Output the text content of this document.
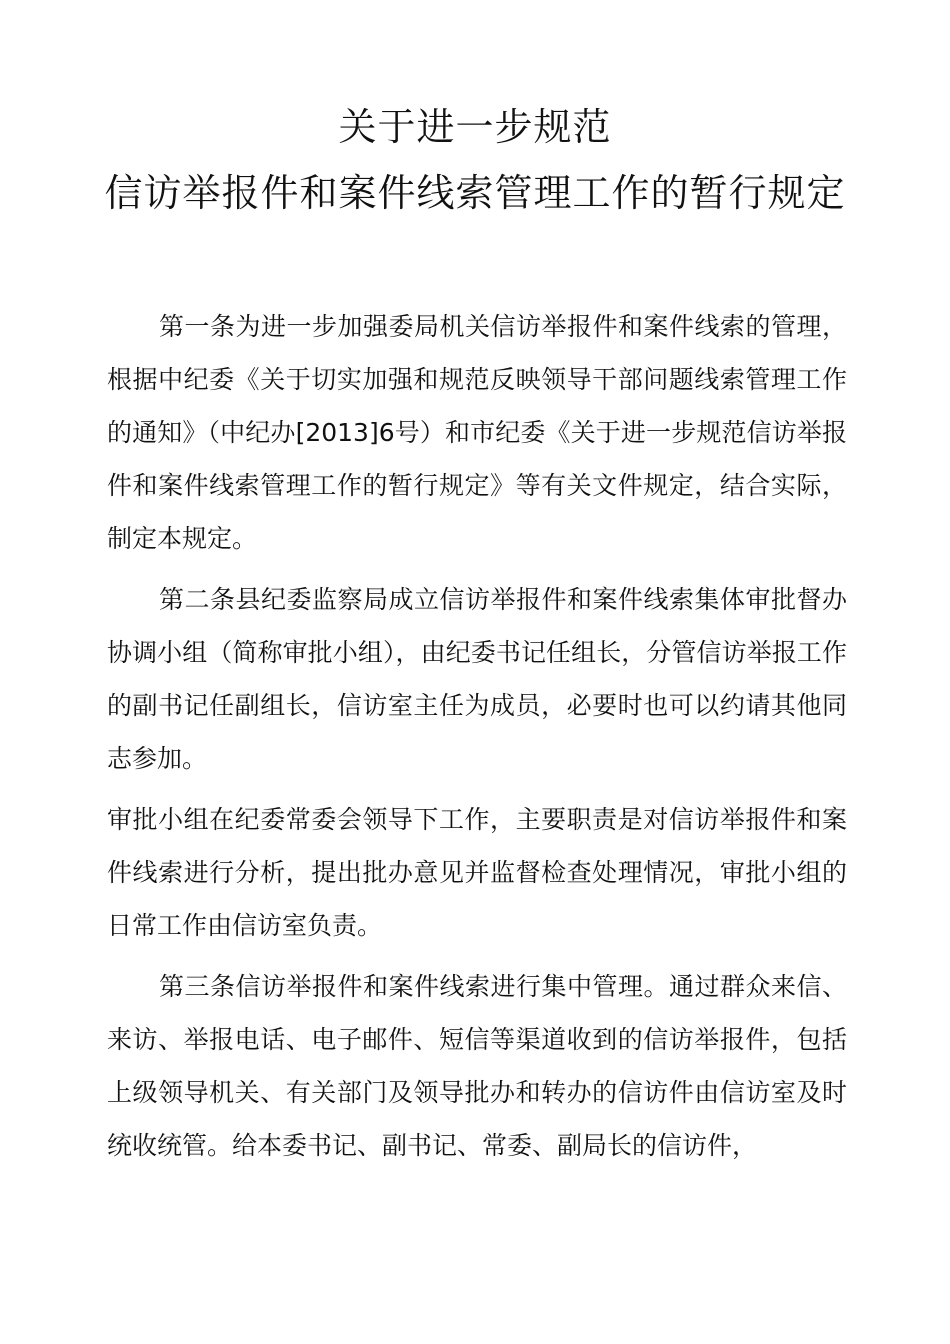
关于进一步规范
信访举报件和案件线索管理工作的暂行规定

第一条为进一步加强委局机关信访举报件和案件线索的管理，根据中纪委《关于切实加强和规范反映领导干部问题线索管理工作的通知》（中纪办[2013]6号）和市纪委《关于进一步规范信访举报件和案件线索管理工作的暂行规定》等有关文件规定，结合实际，制定本规定。

第二条县纪委监察局成立信访举报件和案件线索集体审批督办协调小组（简称审批小组），由纪委书记任组长，分管信访举报工作的副书记任副组长，信访室主任为成员，必要时也可以约请其他同志参加。

审批小组在纪委常委会领导下工作，主要职责是对信访举报件和案件线索进行分析，提出批办意见并监督检查处理情况，审批小组的日常工作由信访室负责。

第三条信访举报件和案件线索进行集中管理。通过群众来信、来访、举报电话、电子邮件、短信等渠道收到的信访举报件，包括上级领导机关、有关部门及领导批办和转办的信访件由信访室及时统收统管。给本委书记、副书记、常委、副局长的信访件，
